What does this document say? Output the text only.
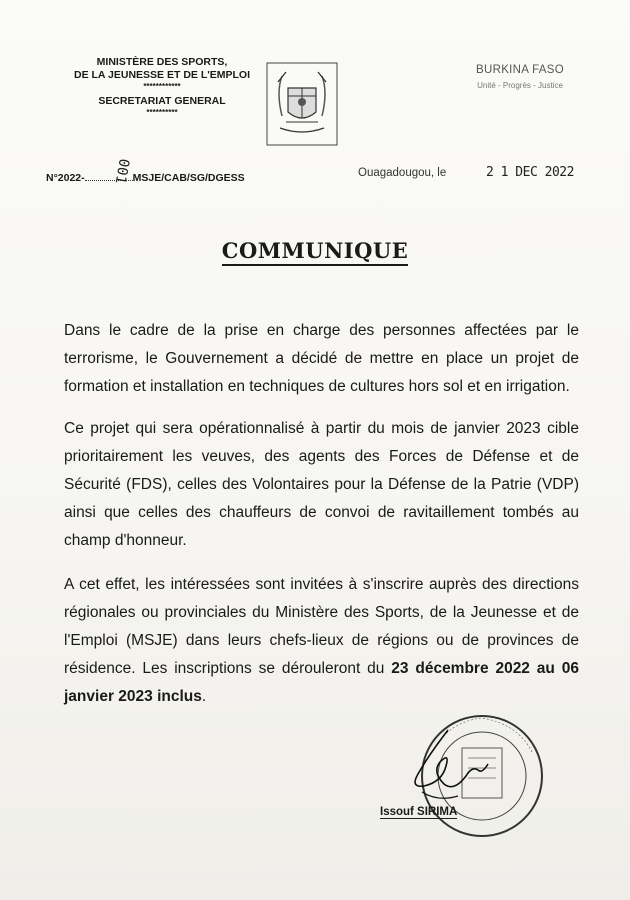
MINISTÈRE DES SPORTS,
DE LA JEUNESSE ET DE L'EMPLOI
************
SECRETARIAT GENERAL
**********
BURKINA FASO
Unité - Progrès - Justice
N°2022-	MSJE/CAB/SG/DGESS
001	Ouagadougou, le	2 1 DEC 2022
COMMUNIQUE

Dans le cadre de la prise en charge des personnes affectées par le terrorisme, le Gouvernement a décidé de mettre en place un projet de formation et installation en techniques de cultures hors sol et en irrigation.

Ce projet qui sera opérationnalisé à partir du mois de janvier 2023 cible prioritairement les veuves, des agents des Forces de Défense et de Sécurité (FDS), celles des Volontaires pour la Défense de la Patrie (VDP) ainsi que celles des chauffeurs de convoi de ravitaillement tombés au champ d'honneur.

A cet effet, les intéressées sont invitées à s'inscrire auprès des directions régionales ou provinciales du Ministère des Sports, de la Jeunesse et de l'Emploi (MSJE) dans leurs chefs-lieux de régions ou de provinces de résidence. Les inscriptions se dérouleront du 23 décembre 2022 au 06 janvier 2023 inclus.

Issouf SIRIMA
